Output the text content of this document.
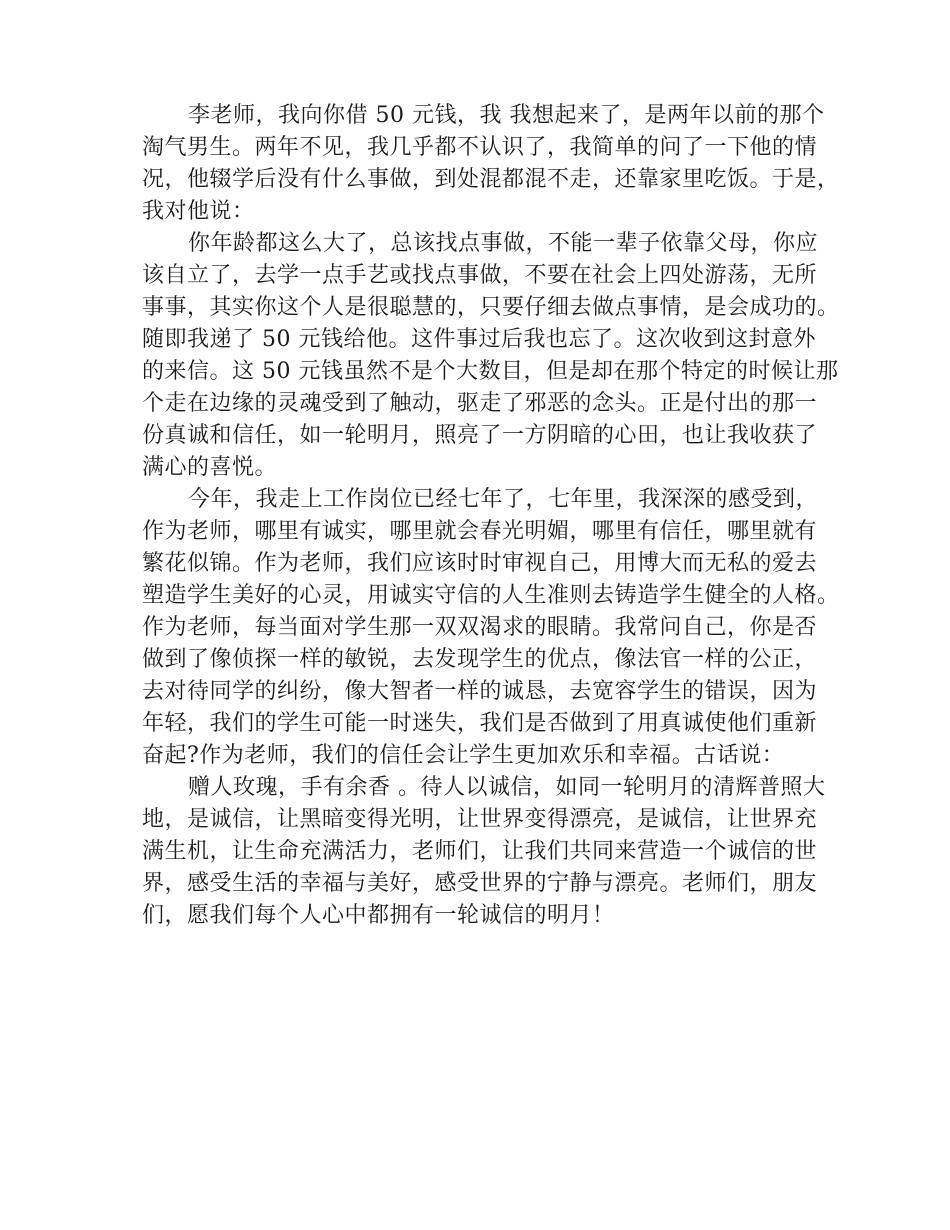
李老师，我向你借 50 元钱，我 我想起来了，是两年以前的那个
淘气男生。两年不见，我几乎都不认识了，我简单的问了一下他的情
况，他辍学后没有什么事做，到处混都混不走，还靠家里吃饭。于是，
我对他说：
你年龄都这么大了，总该找点事做，不能一辈子依靠父母，你应
该自立了，去学一点手艺或找点事做，不要在社会上四处游荡，无所
事事，其实你这个人是很聪慧的，只要仔细去做点事情，是会成功的。
随即我递了 50 元钱给他。这件事过后我也忘了。这次收到这封意外
的来信。这 50 元钱虽然不是个大数目，但是却在那个特定的时候让那
个走在边缘的灵魂受到了触动，驱走了邪恶的念头。正是付出的那一
份真诚和信任，如一轮明月，照亮了一方阴暗的心田，也让我收获了
满心的喜悦。
今年，我走上工作岗位已经七年了，七年里，我深深的感受到，
作为老师，哪里有诚实，哪里就会春光明媚，哪里有信任，哪里就有
繁花似锦。作为老师，我们应该时时审视自己，用博大而无私的爱去
塑造学生美好的心灵，用诚实守信的人生准则去铸造学生健全的人格。
作为老师，每当面对学生那一双双渴求的眼睛。我常问自己，你是否
做到了像侦探一样的敏锐，去发现学生的优点，像法官一样的公正，
去对待同学的纠纷，像大智者一样的诚恳，去宽容学生的错误，因为
年轻，我们的学生可能一时迷失，我们是否做到了用真诚使他们重新
奋起?作为老师，我们的信任会让学生更加欢乐和幸福。古话说：
赠人玫瑰，手有余香 。待人以诚信，如同一轮明月的清辉普照大
地，是诚信，让黑暗变得光明，让世界变得漂亮，是诚信，让世界充
满生机，让生命充满活力，老师们，让我们共同来营造一个诚信的世
界，感受生活的幸福与美好，感受世界的宁静与漂亮。老师们，朋友
们，愿我们每个人心中都拥有一轮诚信的明月！
